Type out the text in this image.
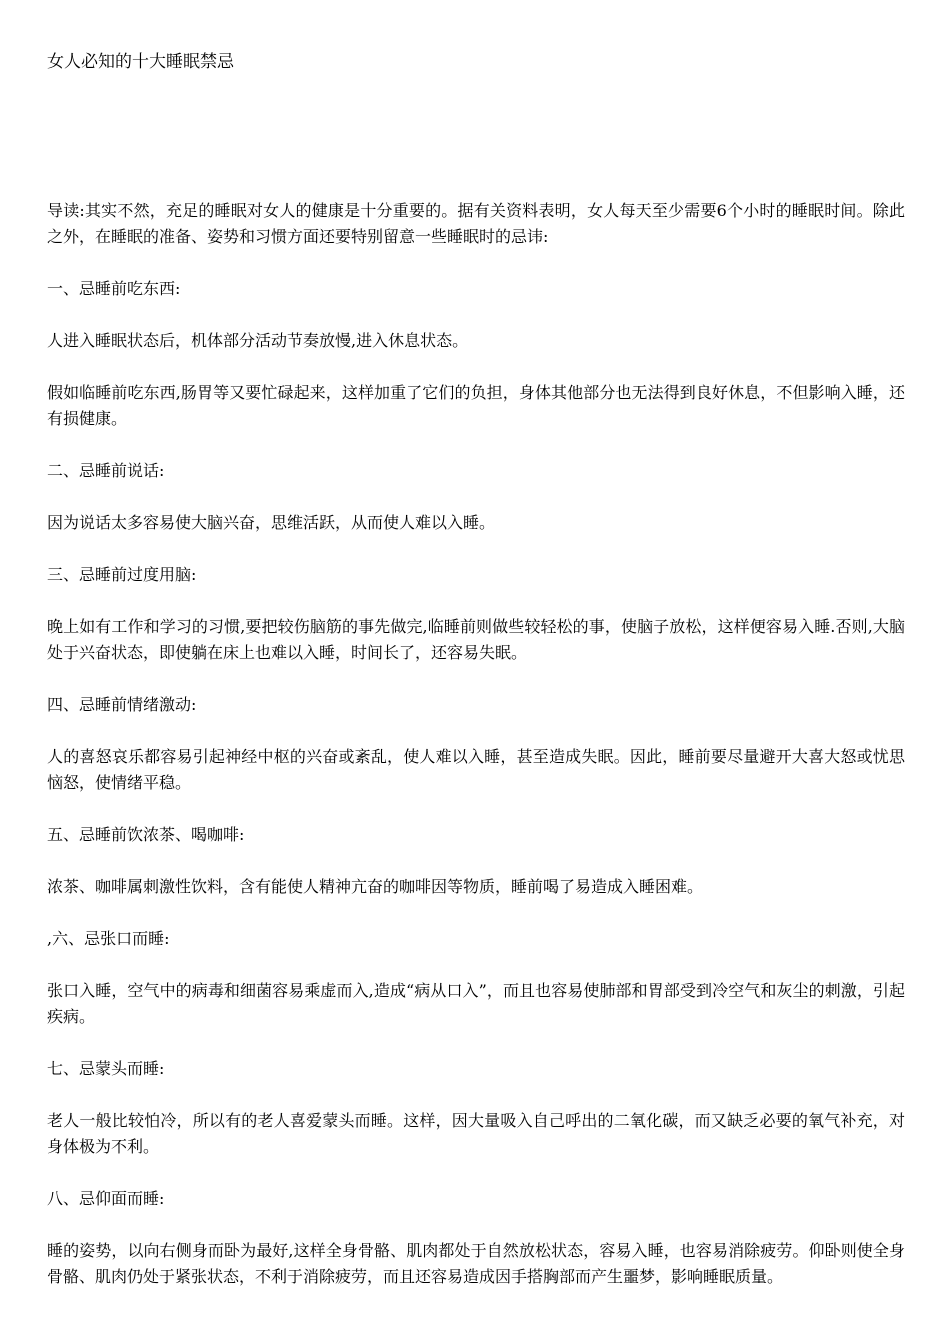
女人必知的十大睡眠禁忌

导读:其实不然，充足的睡眠对女人的健康是十分重要的。据有关资料表明，女人每天至少需要6个小时的睡眠时间。除此之外，在睡眠的准备、姿势和习惯方面还要特别留意一些睡眠时的忌讳:

一、忌睡前吃东西:

人进入睡眠状态后，机体部分活动节奏放慢,进入休息状态。

假如临睡前吃东西,肠胃等又要忙碌起来，这样加重了它们的负担，身体其他部分也无法得到良好休息，不但影响入睡，还有损健康。

二、忌睡前说话:

因为说话太多容易使大脑兴奋，思维活跃，从而使人难以入睡。

三、忌睡前过度用脑:

晚上如有工作和学习的习惯,要把较伤脑筋的事先做完,临睡前则做些较轻松的事，使脑子放松，这样便容易入睡.否则,大脑处于兴奋状态，即使躺在床上也难以入睡，时间长了，还容易失眠。

四、忌睡前情绪激动:

人的喜怒哀乐都容易引起神经中枢的兴奋或紊乱，使人难以入睡，甚至造成失眠。因此，睡前要尽量避开大喜大怒或忧思恼怒，使情绪平稳。

五、忌睡前饮浓茶、喝咖啡:

浓茶、咖啡属刺激性饮料，含有能使人精神亢奋的咖啡因等物质，睡前喝了易造成入睡困难。

,六、忌张口而睡:

张口入睡，空气中的病毒和细菌容易乘虚而入,造成“病从口入”，而且也容易使肺部和胃部受到冷空气和灰尘的刺激，引起疾病。

七、忌蒙头而睡:

老人一般比较怕冷，所以有的老人喜爱蒙头而睡。这样，因大量吸入自己呼出的二氧化碳，而又缺乏必要的氧气补充，对身体极为不利。

八、忌仰面而睡:

睡的姿势，以向右侧身而卧为最好,这样全身骨骼、肌肉都处于自然放松状态，容易入睡，也容易消除疲劳。仰卧则使全身骨骼、肌肉仍处于紧张状态，不利于消除疲劳，而且还容易造成因手搭胸部而产生噩梦，影响睡眠质量。
